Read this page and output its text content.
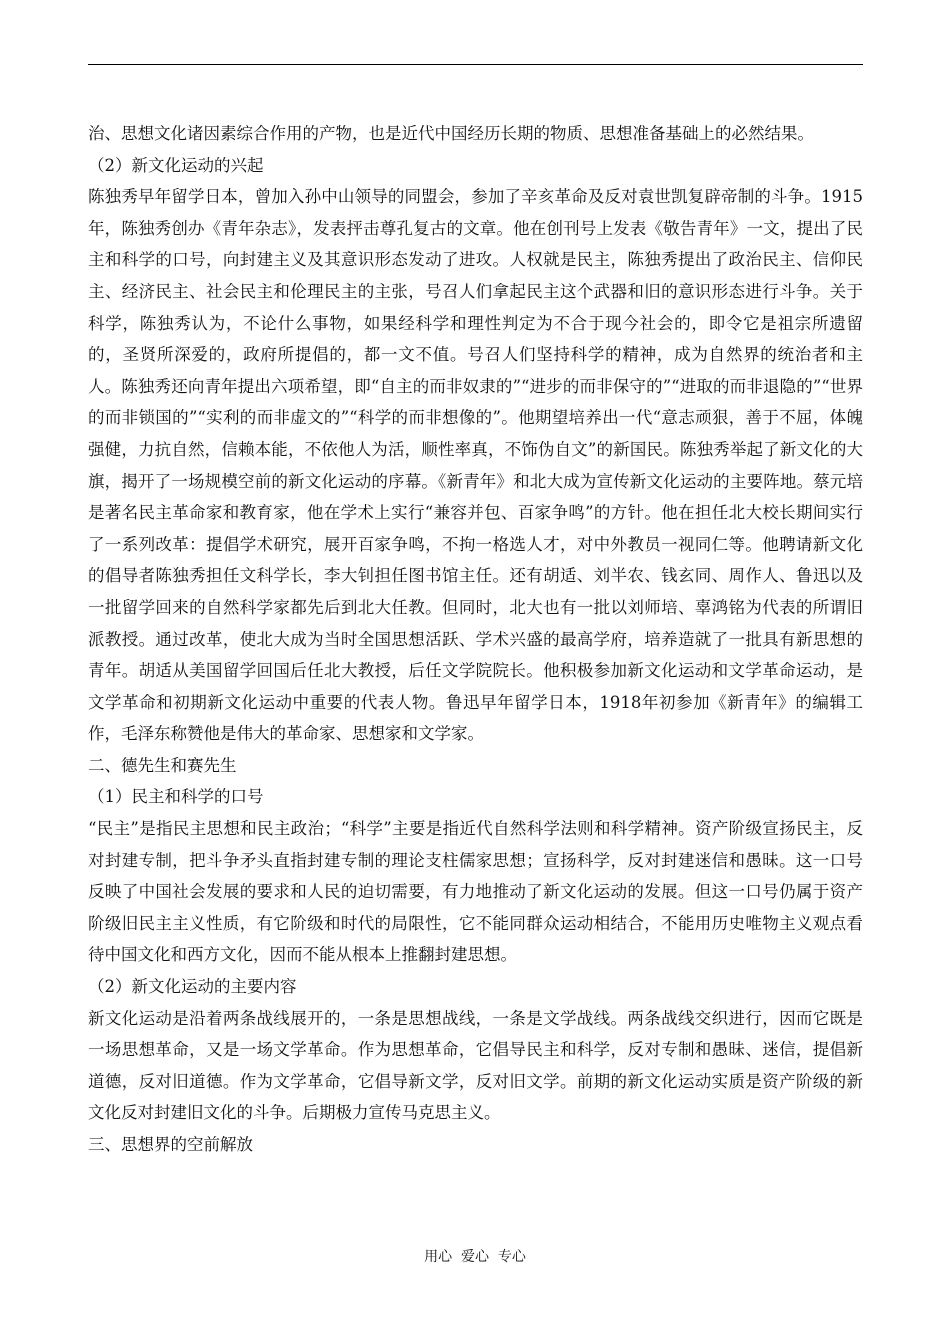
治、思想文化诸因素综合作用的产物，也是近代中国经历长期的物质、思想准备基础上的必然结果。

（2）新文化运动的兴起

陈独秀早年留学日本，曾加入孙中山领导的同盟会，参加了辛亥革命及反对袁世凯复辟帝制的斗争。1915年，陈独秀创办《青年杂志》，发表抨击尊孔复古的文章。他在创刊号上发表《敬告青年》一文，提出了民主和科学的口号，向封建主义及其意识形态发动了进攻。人权就是民主，陈独秀提出了政治民主、信仰民主、经济民主、社会民主和伦理民主的主张，号召人们拿起民主这个武器和旧的意识形态进行斗争。关于科学，陈独秀认为，不论什么事物，如果经科学和理性判定为不合于现今社会的，即令它是祖宗所遗留的，圣贤所深爱的，政府所提倡的，都一文不值。号召人们坚持科学的精神，成为自然界的统治者和主人。陈独秀还向青年提出六项希望，即“自主的而非奴隶的”“进步的而非保守的”“进取的而非退隐的”“世界的而非锁国的”“实利的而非虚文的”“科学的而非想像的”。他期望培养出一代“意志顽狠，善于不屈，体魄强健，力抗自然，信赖本能，不依他人为活，顺性率真，不饰伪自文”的新国民。陈独秀举起了新文化的大旗，揭开了一场规模空前的新文化运动的序幕。《新青年》和北大成为宣传新文化运动的主要阵地。蔡元培是著名民主革命家和教育家，他在学术上实行“兼容并包、百家争鸣”的方针。他在担任北大校长期间实行了一系列改革：提倡学术研究，展开百家争鸣，不拘一格选人才，对中外教员一视同仁等。他聘请新文化的倡导者陈独秀担任文科学长，李大钊担任图书馆主任。还有胡适、刘半农、钱玄同、周作人、鲁迅以及一批留学回来的自然科学家都先后到北大任教。但同时，北大也有一批以刘师培、辜鸿铭为代表的所谓旧派教授。通过改革，使北大成为当时全国思想活跃、学术兴盛的最高学府，培养造就了一批具有新思想的青年。胡适从美国留学回国后任北大教授，后任文学院院长。他积极参加新文化运动和文学革命运动，是文学革命和初期新文化运动中重要的代表人物。鲁迅早年留学日本，1918年初参加《新青年》的编辑工作，毛泽东称赞他是伟大的革命家、思想家和文学家。

二、德先生和赛先生

（1）民主和科学的口号

“民主”是指民主思想和民主政治；“科学”主要是指近代自然科学法则和科学精神。资产阶级宣扬民主，反对封建专制，把斗争矛头直指封建专制的理论支柱儒家思想；宣扬科学，反对封建迷信和愚昧。这一口号反映了中国社会发展的要求和人民的迫切需要，有力地推动了新文化运动的发展。但这一口号仍属于资产阶级旧民主主义性质，有它阶级和时代的局限性，它不能同群众运动相结合，不能用历史唯物主义观点看待中国文化和西方文化，因而不能从根本上推翻封建思想。

（2）新文化运动的主要内容

新文化运动是沿着两条战线展开的，一条是思想战线，一条是文学战线。两条战线交织进行，因而它既是一场思想革命，又是一场文学革命。作为思想革命，它倡导民主和科学，反对专制和愚昧、迷信，提倡新道德，反对旧道德。作为文学革命，它倡导新文学，反对旧文学。前期的新文化运动实质是资产阶级的新文化反对封建旧文化的斗争。后期极力宣传马克思主义。

三、思想界的空前解放

用心  爱心  专心
